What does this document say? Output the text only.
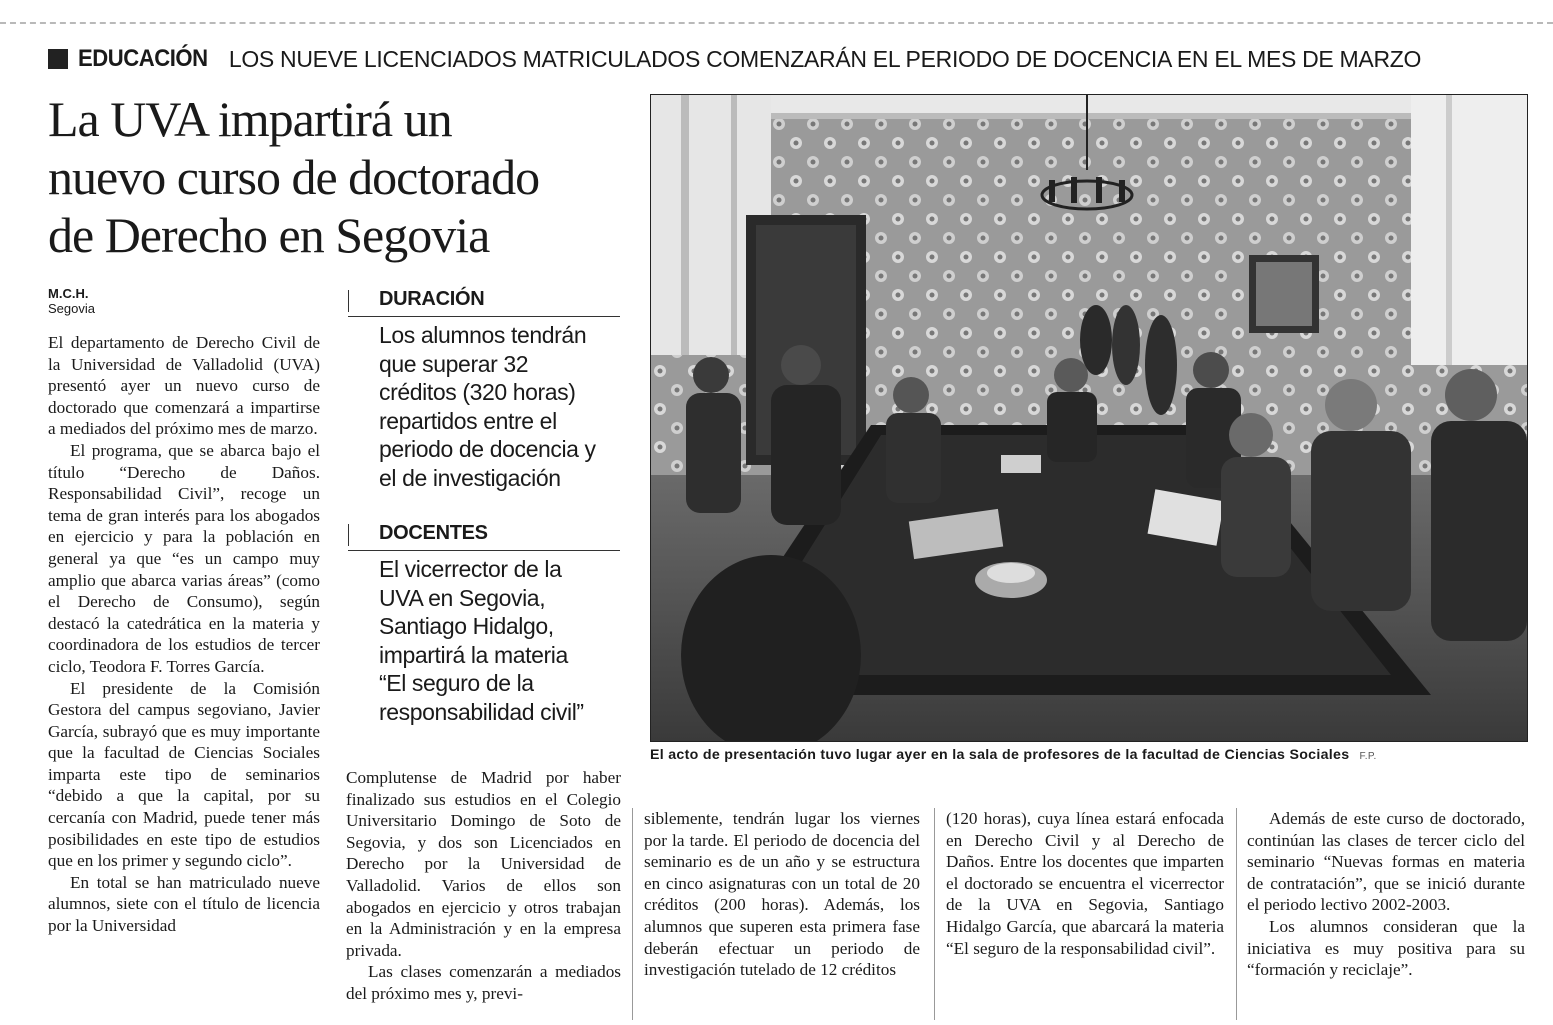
EDUCACIÓN LOS NUEVE LICENCIADOS MATRICULADOS COMENZARÁN EL PERIODO DE DOCENCIA EN EL MES DE MARZO
La UVA impartirá un
nuevo curso de doctorado
de Derecho en Segovia
M.C.H.
Segovia

El departamento de Derecho Civil de la Universidad de Valladolid (UVA) presentó ayer un nuevo curso de doctorado que comenzará a impartirse a mediados del próximo mes de marzo.

El programa, que se abarca bajo el título “Derecho de Daños. Responsabilidad Civil”, recoge un tema de gran interés para los abogados en ejercicio y para la población en general ya que “es un campo muy amplio que abarca varias áreas” (como el Derecho de Consumo), según destacó la catedrática en la materia y coordinadora de los estudios de tercer ciclo, Teodora F. Torres García.

El presidente de la Comisión Gestora del campus segoviano, Javier García, subrayó que es muy importante que la facultad de Ciencias Sociales imparta este tipo de seminarios “debido a que la capital, por su cercanía con Madrid, puede tener más posibilidades en este tipo de estudios que en los primer y segundo ciclo”.

En total se han matriculado nueve alumnos, siete con el título de licencia por la Universidad

DURACIÓN
Los alumnos tendrán
que superar 32
créditos (320 horas)
repartidos entre el
periodo de docencia y
el de investigación
DOCENTES
El vicerrector de la
UVA en Segovia,
Santiago Hidalgo,
impartirá la materia
“El seguro de la
responsabilidad civil”
El acto de presentación tuvo lugar ayer en la sala de profesores de la facultad de Ciencias Sociales F.P.

Complutense de Madrid por haber finalizado sus estudios en el Colegio Universitario Domingo de Soto de Segovia, y dos son Licenciados en Derecho por la Universidad de Valladolid. Varios de ellos son abogados en ejercicio y otros trabajan en la Administración y en la empresa privada.

Las clases comenzarán a mediados del próximo mes y, previ-

siblemente, tendrán lugar los viernes por la tarde. El periodo de docencia del seminario es de un año y se estructura en cinco asignaturas con un total de 20 créditos (200 horas). Además, los alumnos que superen esta primera fase deberán efectuar un periodo de investigación tutelado de 12 créditos

(120 horas), cuya línea estará enfocada en Derecho Civil y al Derecho de Daños. Entre los docentes que imparten el doctorado se encuentra el vicerrector de la UVA en Segovia, Santiago Hidalgo García, que abarcará la materia “El seguro de la responsabilidad civil”.

Además de este curso de doctorado, continúan las clases de tercer ciclo del seminario “Nuevas formas en materia de contratación”, que se inició durante el periodo lectivo 2002-2003.

Los alumnos consideran que la iniciativa es muy positiva para su “formación y reciclaje”.
